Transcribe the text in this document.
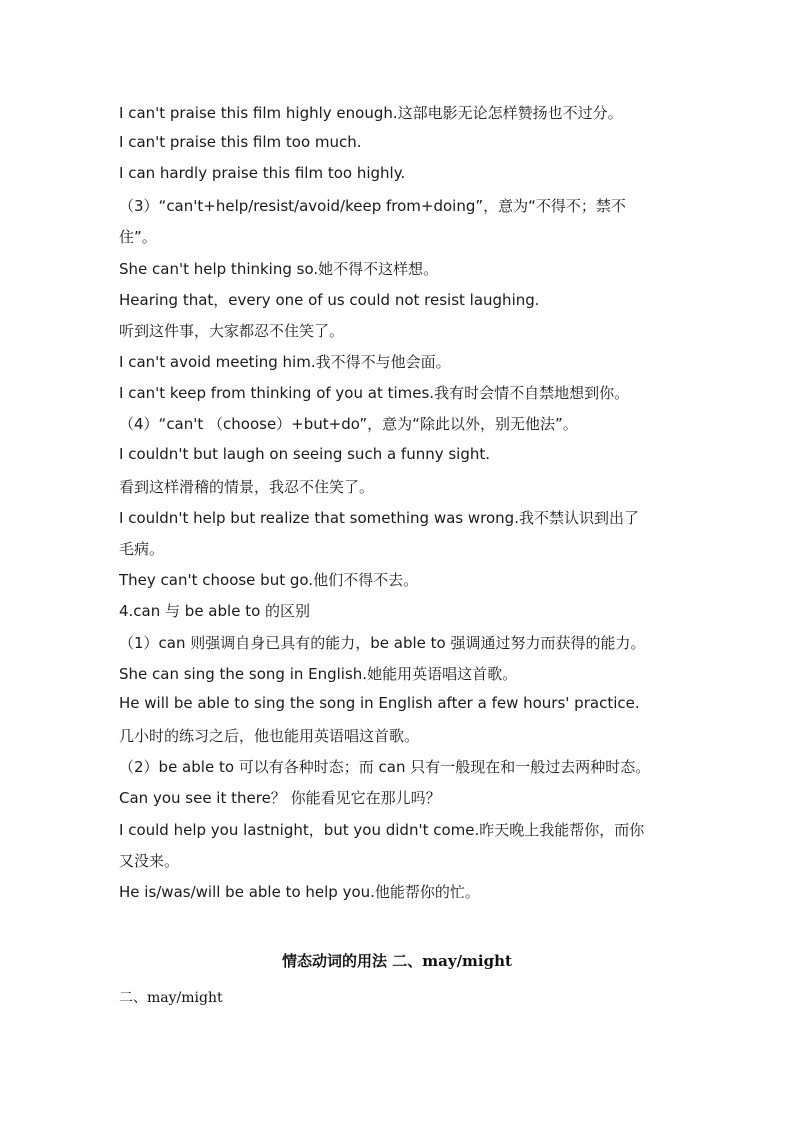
I can't praise this film highly enough.这部电影无论怎样赞扬也不过分。
I can't praise this film too much.
I can hardly praise this film too highly.
（3）“can't+help/resist/avoid/keep from+doing”，意为“不得不；禁不
住”。
She can't help thinking so.她不得不这样想。
Hearing that，every one of us could not resist laughing.
听到这件事，大家都忍不住笑了。
I can't avoid meeting him.我不得不与他会面。
I can't keep from thinking of you at times.我有时会情不自禁地想到你。
（4）“can't （choose）+but+do”，意为“除此以外，别无他法”。
I couldn't but laugh on seeing such a funny sight.
看到这样滑稽的情景，我忍不住笑了。
I couldn't help but realize that something was wrong.我不禁认识到出了
毛病。
They can't choose but go.他们不得不去。
4.can 与 be able to 的区别
（1）can 则强调自身已具有的能力，be able to 强调通过努力而获得的能力。
She can sing the song in English.她能用英语唱这首歌。
He will be able to sing the song in English after a few hours' practice.
几小时的练习之后，他也能用英语唱这首歌。
（2）be able to 可以有各种时态；而 can 只有一般现在和一般过去两种时态。
Can you see it there？ 你能看见它在那儿吗？
I could help you lastnight，but you didn't come.昨天晚上我能帮你，而你
又没来。
He is/was/will be able to help you.他能帮你的忙。
情态动词的用法 二、may/might
二、may/might
